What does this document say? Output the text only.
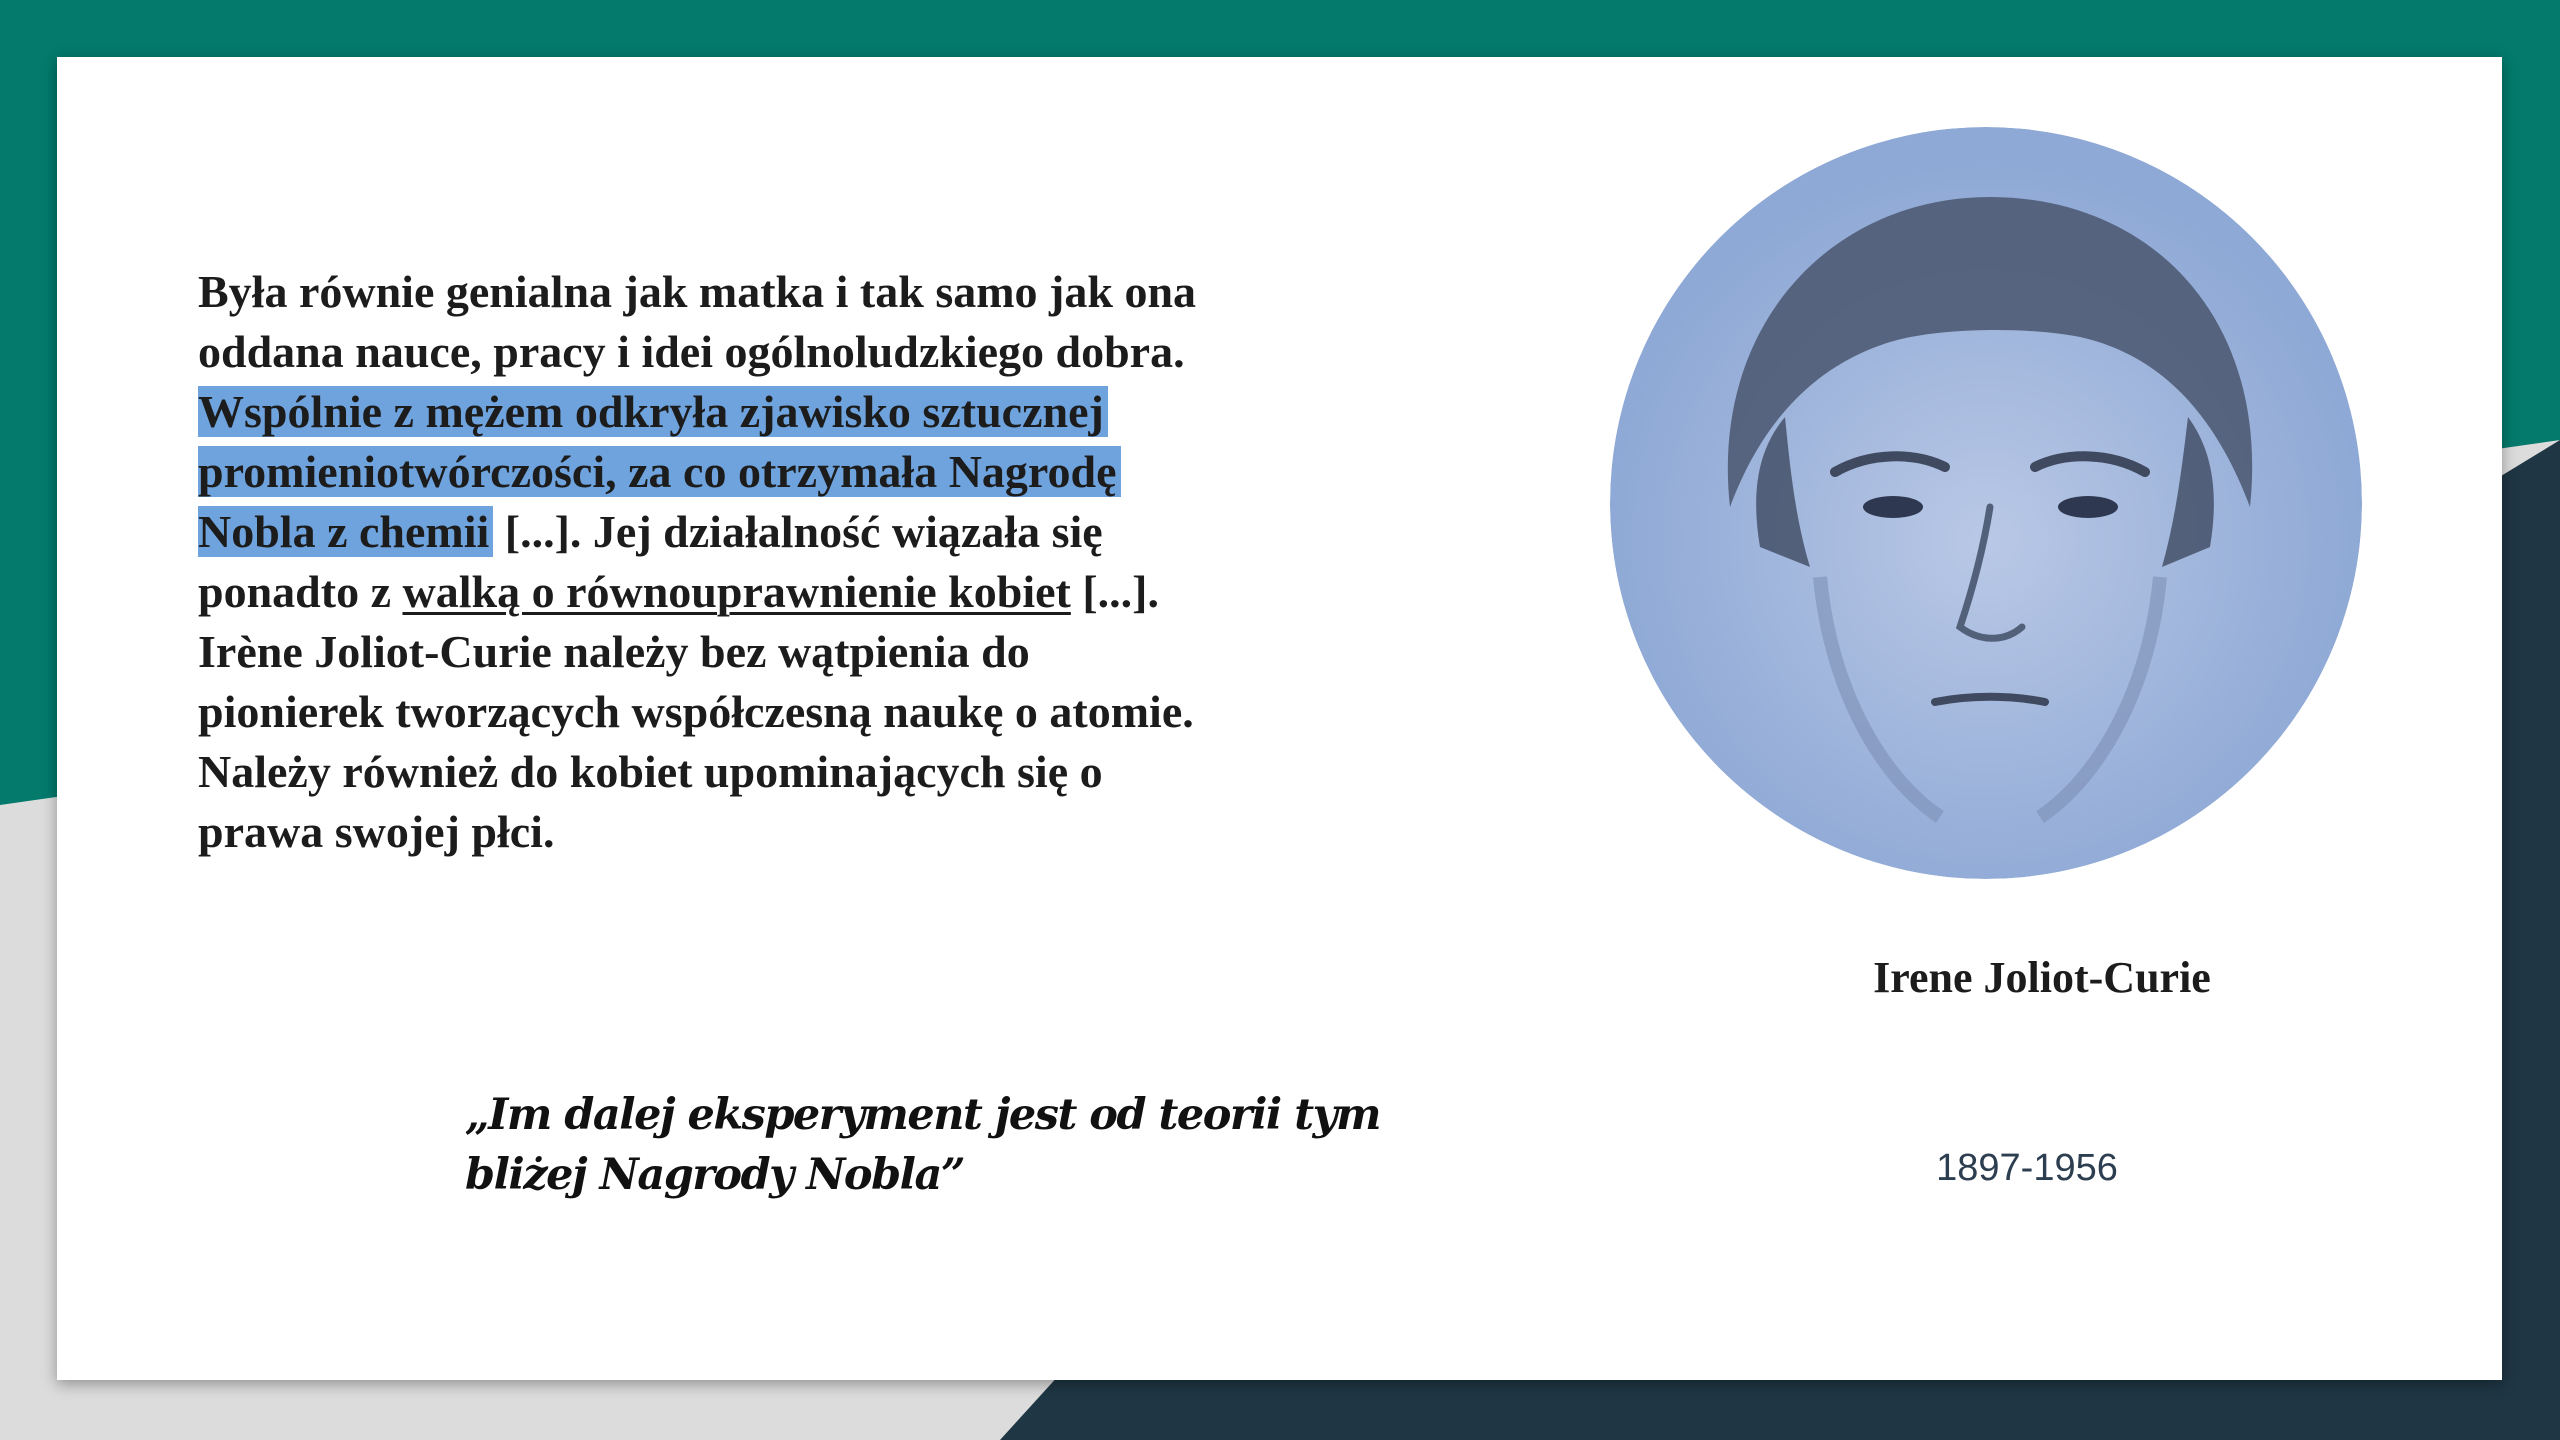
Była równie genialna jak matka i tak samo jak ona
oddana nauce, pracy i idei ogólnoludzkiego dobra.
Wspólnie z mężem odkryła zjawisko sztucznej
promieniotwórczości, za co otrzymała Nagrodę
Nobla z chemii [...]. Jej działalność wiązała się
ponadto z walką o równouprawnienie kobiet [...].
Irène Joliot-Curie należy bez wątpienia do
pionierek tworzących współczesną naukę o atomie.
Należy również do kobiet upominających się o
prawa swojej płci.

„Im dalej eksperyment jest od teorii tym
bliżej Nagrody Nobla”

Irene Joliot-Curie

1897-1956
